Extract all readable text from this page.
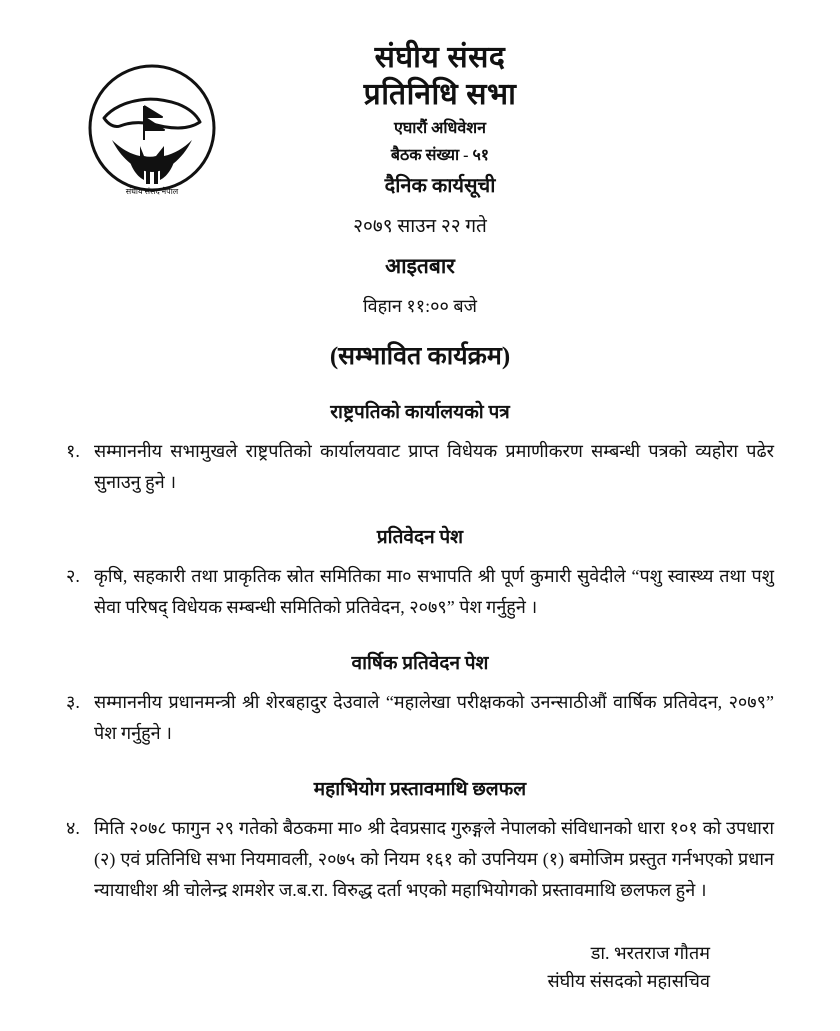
संघीय संसद नेपाल
संघीय संसद
प्रतिनिधि सभा
एघारौं अधिवेशन
बैठक संख्या - ५१
दैनिक कार्यसूची
२०७९ साउन २२ गते
आइतबार
विहान ११:०० बजे
(सम्भावित कार्यक्रम)
राष्ट्रपतिको कार्यालयको पत्र
१. सम्माननीय सभामुखले राष्ट्रपतिको कार्यालयवाट प्राप्त विधेयक प्रमाणीकरण सम्बन्धी पत्रको व्यहोरा पढेर सुनाउनु हुने ।
प्रतिवेदन पेश
२. कृषि, सहकारी तथा प्राकृतिक स्रोत समितिका मा० सभापति श्री पूर्ण कुमारी सुवेदीले “पशु स्वास्थ्य तथा पशु सेवा परिषद् विधेयक सम्बन्धी समितिको प्रतिवेदन, २०७९” पेश गर्नुहुने ।
वार्षिक प्रतिवेदन पेश
३. सम्माननीय प्रधानमन्त्री श्री शेरबहादुर देउवाले “महालेखा परीक्षकको उनन्साठीऔं वार्षिक प्रतिवेदन, २०७९” पेश गर्नुहुने ।
महाभियोग प्रस्तावमाथि छलफल
४. मिति २०७८ फागुन २९ गतेको बैठकमा मा० श्री देवप्रसाद गुरुङ्गले नेपालको संविधानको धारा १०१ को उपधारा (२) एवं प्रतिनिधि सभा नियमावली, २०७५ को नियम १६१ को उपनियम (१) बमोजिम प्रस्तुत गर्नभएको प्रधान न्यायाधीश श्री चोलेन्द्र शमशेर ज.ब.रा. विरुद्ध दर्ता भएको महाभियोगको प्रस्तावमाथि छलफल हुने ।
डा. भरतराज गौतम
संघीय संसदको महासचिव
